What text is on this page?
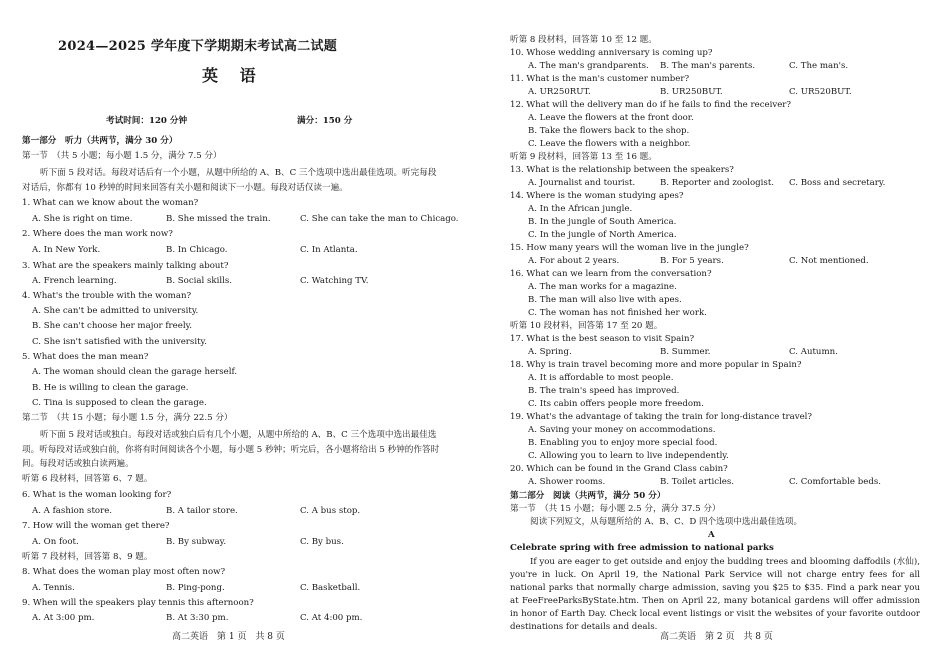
2024—2025 学年度下学期期末考试高二试题
英 语
考试时间：120 分钟	满分：150 分
第一部分　听力（共两节，满分 30 分）
第一节　（共 5 小题；每小题 1.5 分，满分 7.5 分）
听下面 5 段对话。每段对话后有一个小题，从题中所给的 A、B、C 三个选项中选出最佳选项。听完每段对话后，你都有 10 秒钟的时间来回答有关小题和阅读下一小题。每段对话仅读一遍。
1. What can we know about the woman?
A. She is right on time.	B. She missed the train.	C. She can take the man to Chicago.
2. Where does the man work now?
A. In New York.	B. In Chicago.	C. In Atlanta.
3. What are the speakers mainly talking about?
A. French learning.	B. Social skills.	C. Watching TV.
4. What's the trouble with the woman?
A. She can't be admitted to university.
B. She can't choose her major freely.
C. She isn't satisfied with the university.
5. What does the man mean?
A. The woman should clean the garage herself.
B. He is willing to clean the garage.
C. Tina is supposed to clean the garage.
第二节　（共 15 小题；每小题 1.5 分，满分 22.5 分）
听下面 5 段对话或独白。每段对话或独白后有几个小题，从题中所给的 A、B、C 三个选项中选出最佳选项。听每段对话或独白前，你将有时间阅读各个小题，每小题 5 秒钟；听完后，各小题将给出 5 秒钟的作答时间。每段对话或独白读两遍。
听第 6 段材料，回答第 6、7 题。
6. What is the woman looking for?
A. A fashion store.	B. A tailor store.	C. A bus stop.
7. How will the woman get there?
A. On foot.	B. By subway.	C. By bus.
听第 7 段材料，回答第 8、9 题。
8. What does the woman play most often now?
A. Tennis.	B. Ping-pong.	C. Basketball.
9. When will the speakers play tennis this afternoon?
A. At 3:00 pm.	B. At 3:30 pm.	C. At 4:00 pm.
高二英语　第 1 页　共 8 页
听第 8 段材料，回答第 10 至 12 题。
10. Whose wedding anniversary is coming up?
A. The man's grandparents. B. The man's parents.	C. The man's.
11. What is the man's customer number?
A. UR250RUT.	B. UR250BUT.	C. UR520BUT.
12. What will the delivery man do if he fails to find the receiver?
A. Leave the flowers at the front door.
B. Take the flowers back to the shop.
C. Leave the flowers with a neighbor.
听第 9 段材料，回答第 13 至 16 题。
13. What is the relationship between the speakers?
A. Journalist and tourist.	B. Reporter and zoologist. C. Boss and secretary.
14. Where is the woman studying apes?
A. In the African jungle.
B. In the jungle of South America.
C. In the jungle of North America.
15. How many years will the woman live in the jungle?
A. For about 2 years.	B. For 5 years.	C. Not mentioned.
16. What can we learn from the conversation?
A. The man works for a magazine.
B. The man will also live with apes.
C. The woman has not finished her work.
听第 10 段材料，回答第 17 至 20 题。
17. What is the best season to visit Spain?
A. Spring.	B. Summer.	C. Autumn.
18. Why is train travel becoming more and more popular in Spain?
A. It is affordable to most people.
B. The train's speed has improved.
C. Its cabin offers people more freedom.
19. What's the advantage of taking the train for long-distance travel?
A. Saving your money on accommodations.
B. Enabling you to enjoy more special food.
C. Allowing you to learn to live independently.
20. Which can be found in the Grand Class cabin?
A. Shower rooms.	B. Toilet articles.	C. Comfortable beds.
第二部分　阅读（共两节，满分 50 分）
第一节　（共 15 小题；每小题 2.5 分，满分 37.5 分）
阅读下列短文，从每题所给的 A、B、C、D 四个选项中选出最佳选项。
A
Celebrate spring with free admission to national parks
If you are eager to get outside and enjoy the budding trees and blooming daffodils (水仙), you're in luck. On April 19, the National Park Service will not charge entry fees for all national parks that normally charge admission, saving you $25 to $35. Find a park near you at FeeFreeParksByState.htm. Then on April 22, many botanical gardens will offer admission in honor of Earth Day. Check local event listings or visit the websites of your favorite outdoor destinations for details and deals.
高二英语　第 2 页　共 8 页
